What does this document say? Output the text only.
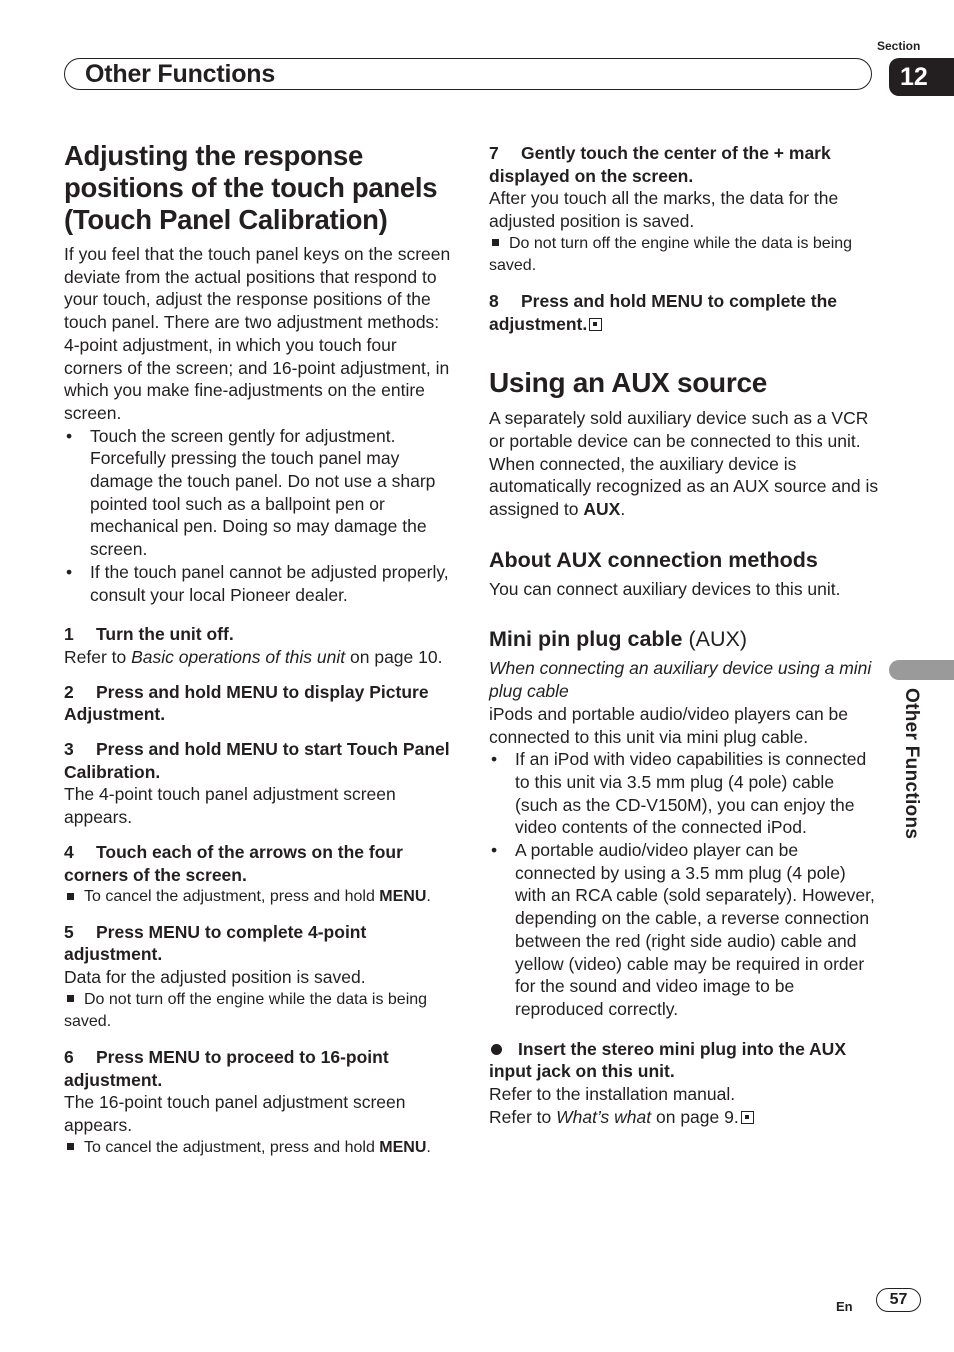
Section
Other Functions	12
Other Functions
Adjusting the response positions of the touch panels (Touch Panel Calibration)

If you feel that the touch panel keys on the screen deviate from the actual positions that respond to your touch, adjust the response positions of the touch panel. There are two adjustment methods: 4-point adjustment, in which you touch four corners of the screen; and 16-point adjustment, in which you make fine-adjustments on the entire screen.

• Touch the screen gently for adjustment. Forcefully pressing the touch panel may damage the touch panel. Do not use a sharp pointed tool such as a ballpoint pen or mechanical pen. Doing so may damage the screen.
• If the touch panel cannot be adjusted properly, consult your local Pioneer dealer.

1 Turn the unit off.

Refer to Basic operations of this unit on page 10.

2 Press and hold MENU to display Picture Adjustment.

3 Press and hold MENU to start Touch Panel Calibration.

The 4-point touch panel adjustment screen appears.

4 Touch each of the arrows on the four corners of the screen.

To cancel the adjustment, press and hold MENU.

5 Press MENU to complete 4-point adjustment.

Data for the adjusted position is saved.

Do not turn off the engine while the data is being saved.

6 Press MENU to proceed to 16-point adjustment.

The 16-point touch panel adjustment screen appears.

To cancel the adjustment, press and hold MENU.

7 Gently touch the center of the + mark displayed on the screen.

After you touch all the marks, the data for the adjusted position is saved.

Do not turn off the engine while the data is being saved.

8 Press and hold MENU to complete the adjustment.

Using an AUX source

A separately sold auxiliary device such as a VCR or portable device can be connected to this unit. When connected, the auxiliary device is automatically recognized as an AUX source and is assigned to AUX.

About AUX connection methods

You can connect auxiliary devices to this unit.

Mini pin plug cable (AUX)

When connecting an auxiliary device using a mini plug cable

iPods and portable audio/video players can be connected to this unit via mini plug cable.

• If an iPod with video capabilities is connected to this unit via 3.5 mm plug (4 pole) cable (such as the CD-V150M), you can enjoy the video contents of the connected iPod.
• A portable audio/video player can be connected by using a 3.5 mm plug (4 pole) with an RCA cable (sold separately). However, depending on the cable, a reverse connection between the red (right side audio) cable and yellow (video) cable may be required in order for the sound and video image to be reproduced correctly.

Insert the stereo mini plug into the AUX input jack on this unit.

Refer to the installation manual.

Refer to What’s what on page 9.

En	57
